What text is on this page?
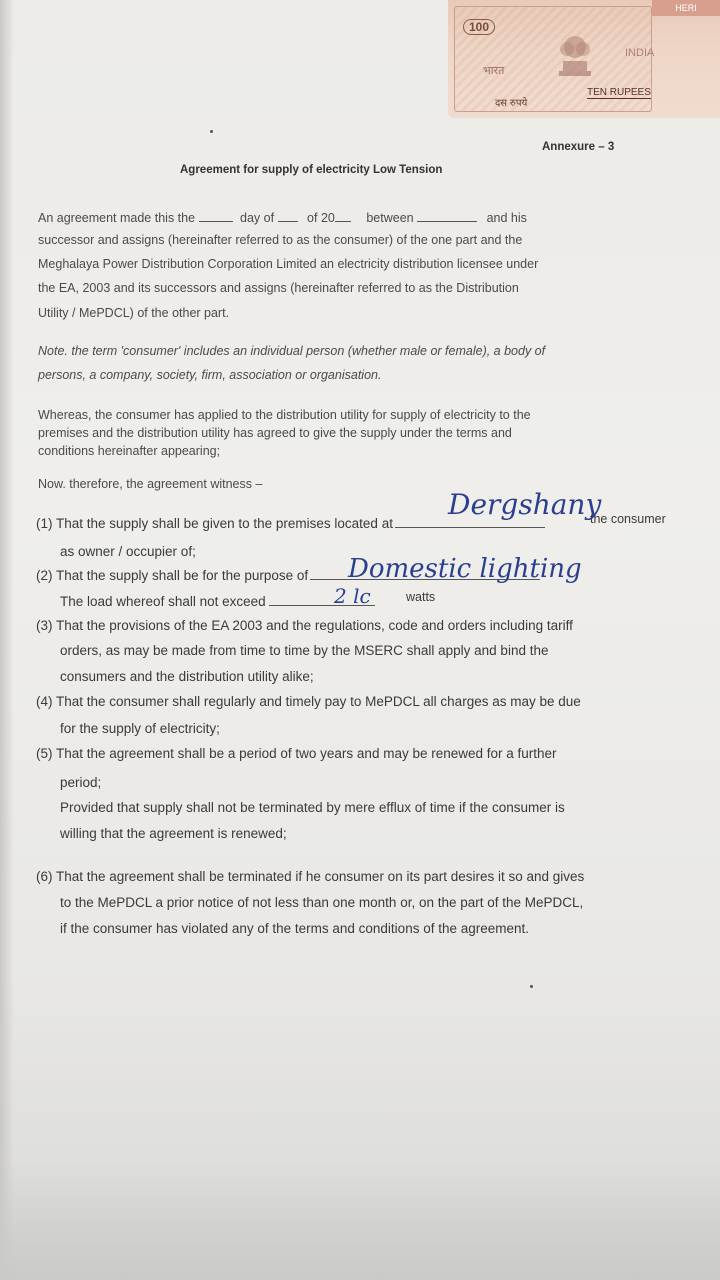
100
भारत
INDIA
दस रुपये
TEN RUPEES
HERI
Annexure – 3
Agreement for supply of electricity Low Tension
An agreement made this the	day of	of 20	between	and his
successor and assigns (hereinafter referred to as the consumer) of the one part and the
Meghalaya Power Distribution Corporation Limited an electricity distribution licensee under
the EA, 2003 and its successors and assigns (hereinafter referred to as the Distribution
Utility / MePDCL) of the other part.
Note. the term 'consumer' includes an individual person (whether male or female), a body of
persons, a company, society, firm, association or organisation.
Whereas, the consumer has applied to the distribution utility for supply of electricity to the
premises and the distribution utility has agreed to give the supply under the terms and
conditions hereinafter appearing;
Now. therefore, the agreement witness –
(1) That the supply shall be given to the premises located at	the consumer
as owner / occupier of;
Dergshany
(2) That the supply shall be for the purpose of	Domestic lighting
The load whereof shall not exceed	2 lc	watts
(3) That the provisions of the EA 2003 and the regulations, code and orders including tariff
orders, as may be made from time to time by the MSERC shall apply and bind the
consumers and the distribution utility alike;
(4) That the consumer shall regularly and timely pay to MePDCL all charges as may be due
for the supply of electricity;
(5) That the agreement shall be a period of two years and may be renewed for a further
period;
Provided that supply shall not be terminated by mere efflux of time if the consumer is
willing that the agreement is renewed;
(6) That the agreement shall be terminated if he consumer on its part desires it so and gives
to the MePDCL a prior notice of not less than one month or, on the part of the MePDCL,
if the consumer has violated any of the terms and conditions of the agreement.
